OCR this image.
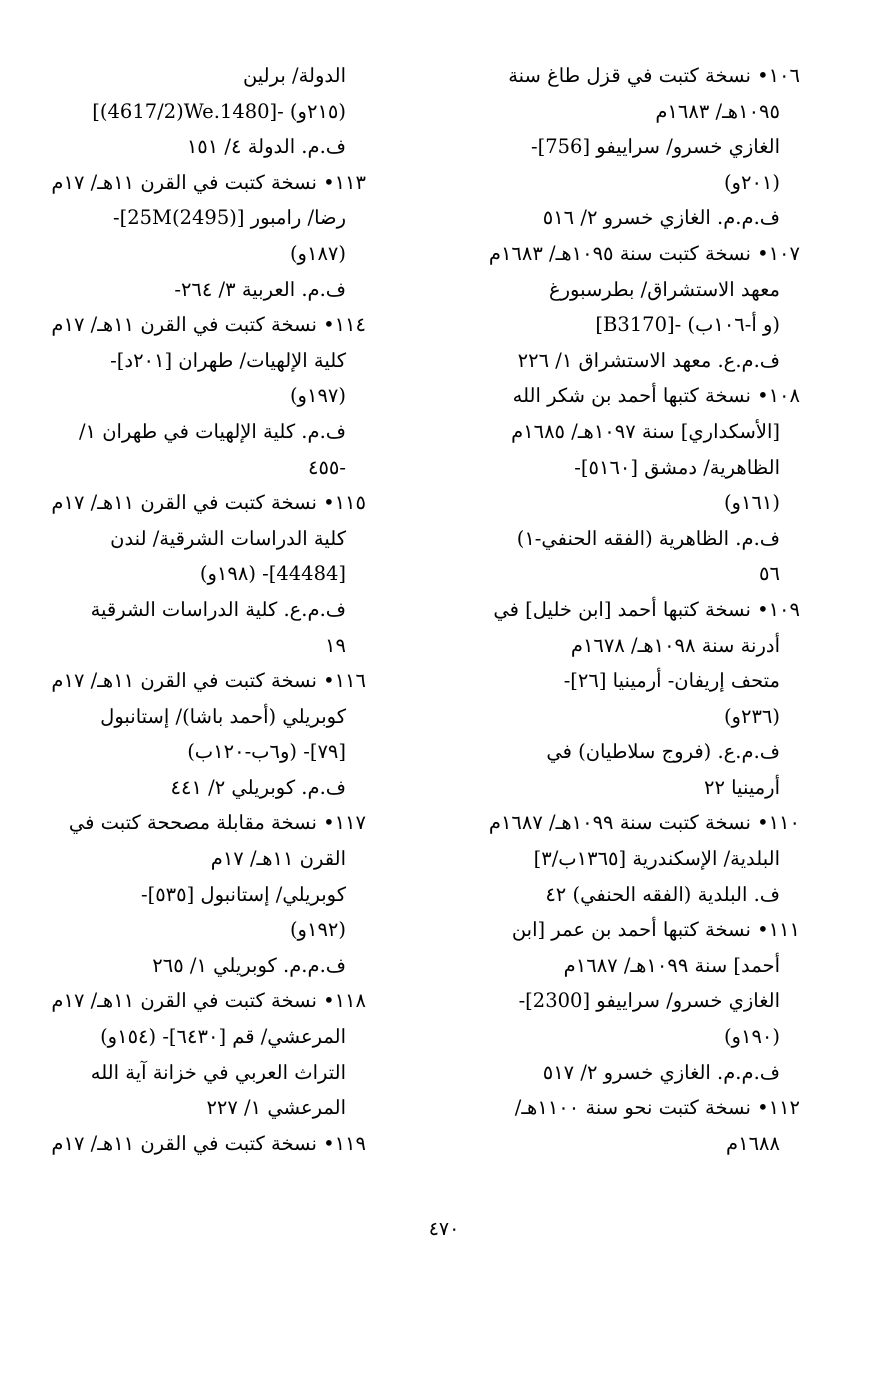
١٠٦• نسخة كتبت في قزل طاغ سنة
١٠٩٥هـ/ ١٦٨٣م
الغازي خسرو/ سراييفو [756]-
(٢٠١و)
ف.م.م. الغازي خسرو ٢/ ٥١٦
١٠٧• نسخة كتبت سنة ١٠٩٥هـ/ ١٦٨٣م
معهد الاستشراق/ بطرسبورغ
[B3170]- (و أ-١٠٦ب)
ف.م.ع. معهد الاستشراق ١/ ٢٢٦
١٠٨• نسخة كتبها أحمد بن شكر الله
[الأسكداري] سنة ١٠٩٧هـ/ ١٦٨٥م
الظاهرية/ دمشق [٥١٦٠]-
(١٦١و)
ف.م. الظاهرية (الفقه الحنفي-١)
٥٦
١٠٩• نسخة كتبها أحمد [ابن خليل] في
أدرنة سنة ١٠٩٨هـ/ ١٦٧٨م
متحف إريفان- أرمينيا [٢٦]-
(٢٣٦و)
ف.م.ع. (فروج سلاطيان) في
أرمينيا ٢٢
١١٠• نسخة كتبت سنة ١٠٩٩هـ/ ١٦٨٧م
البلدية/ الإسكندرية [١٣٦٥ب/٣]
ف. البلدية (الفقه الحنفي) ٤٢
١١١• نسخة كتبها أحمد بن عمر [ابن
أحمد] سنة ١٠٩٩هـ/ ١٦٨٧م
الغازي خسرو/ سراييفو [2300]-
(١٩٠و)
ف.م.م. الغازي خسرو ٢/ ٥١٧
١١٢• نسخة كتبت نحو سنة ١١٠٠هـ/
١٦٨٨م
الدولة/ برلين
[(4617/2)We.1480]- (٢١٥و)
ف.م. الدولة ٤/ ١٥١
١١٣• نسخة كتبت في القرن ١١هـ/ ١٧م
رضا/ رامبور [(2495)25M]-
(١٨٧و)
ف.م. العربية ٣/ ٢٦٤-
١١٤• نسخة كتبت في القرن ١١هـ/ ١٧م
كلية الإلهيات/ طهران [٢٠١د]-
(١٩٧و)
ف.م. كلية الإلهيات في طهران ١/
٤٥٥-
١١٥• نسخة كتبت في القرن ١١هـ/ ١٧م
كلية الدراسات الشرقية/ لندن
[44484]- (١٩٨و)
ف.م.ع. كلية الدراسات الشرقية
١٩
١١٦• نسخة كتبت في القرن ١١هـ/ ١٧م
كوبريلي (أحمد باشا)/ إستانبول
[٧٩]- (و٦ب-١٢٠ب)
ف.م. كوبريلي ٢/ ٤٤١
١١٧• نسخة مقابلة مصححة كتبت في
القرن ١١هـ/ ١٧م
كوبريلي/ إستانبول [٥٣٥]-
(١٩٢و)
ف.م.م. كوبريلي ١/ ٢٦٥
١١٨• نسخة كتبت في القرن ١١هـ/ ١٧م
المرعشي/ قم [٦٤٣٠]- (١٥٤و)
التراث العربي في خزانة آية الله
المرعشي ١/ ٢٢٧
١١٩• نسخة كتبت في القرن ١١هـ/ ١٧م
٤٧٠
